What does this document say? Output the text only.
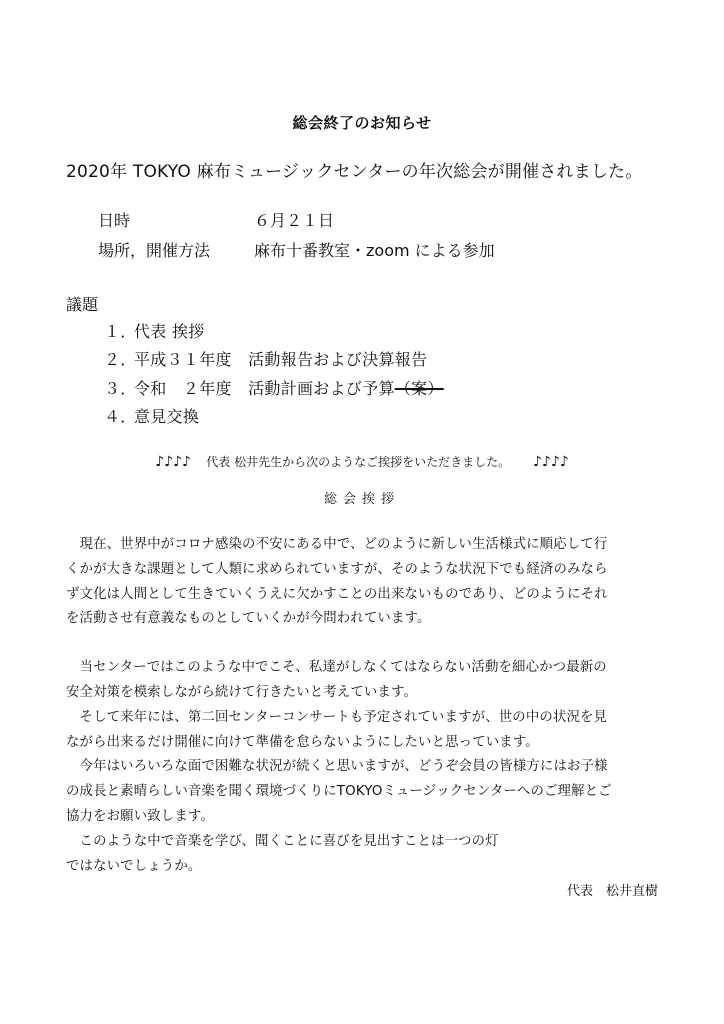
総会終了のお知らせ
2020年 TOKYO 麻布ミュージックセンターの年次総会が開催されました。
日時	６月２１日
場所，開催方法	麻布十番教室・zoom による参加
議題
１．代表 挨拶
２．平成３１年度　活動報告および決算報告
３．令和　２年度　活動計画および予算（案）
４．意見交換
♪♪♪♪ 代表 松井先生から次のようなご挨拶をいただきました。 ♪♪♪♪
総会挨拶
　現在、世界中がコロナ感染の不安にある中で、どのように新しい生活様式に順応して行
くかが大きな課題として人類に求められていますが、そのような状況下でも経済のみなら
ず文化は人間として生きていくうえに欠かすことの出来ないものであり、どのようにそれ
を活動させ有意義なものとしていくかが今問われています。
　当センターではこのような中でこそ、私達がしなくてはならない活動を細心かつ最新の
安全対策を模索しながら続けて行きたいと考えています。
　そして来年には、第二回センターコンサートも予定されていますが、世の中の状況を見
ながら出来るだけ開催に向けて準備を怠らないようにしたいと思っています。
　今年はいろいろな面で困難な状況が続くと思いますが、どうぞ会員の皆様方にはお子様
の成長と素晴らしい音楽を聞く環境づくりにTOKYOミュージックセンターへのご理解とご
協力をお願い致します。
　このような中で音楽を学び、聞くことに喜びを見出すことは一つの灯
ではないでしょうか。
代表　松井直樹
